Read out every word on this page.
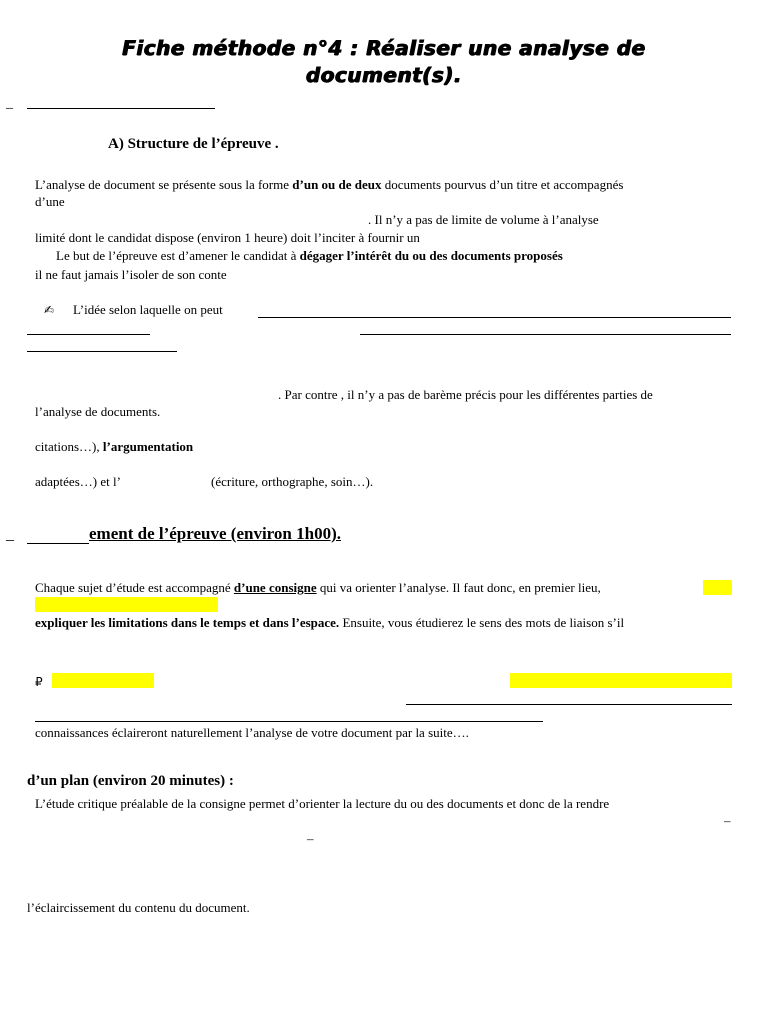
Fiche méthode n°4 : Réaliser une analyse de
document(s).
_
A) Structure de l’épreuve .
L’analyse de document se présente sous la forme d’un ou de deux documents pourvus d’un titre et accompagnés
d’une
. Il n’y a pas de limite de volume à l’analyse
limité dont le candidat dispose (environ 1 heure) doit l’inciter à fournir un
Le but de l’épreuve est d’amener le candidat à dégager l’intérêt du ou des documents proposés
il ne faut jamais l’isoler de son conte
✍ L’idée selon laquelle on peut
. Par contre , il n’y a pas de barème précis pour les différentes parties de
l’analyse de documents.
citations…), l’argumentation
adaptées…) et l’	(écriture, orthographe, soin…).
_	ement de l’épreuve (environ 1h00).
Chaque sujet d’étude est accompagné d’une consigne qui va orienter l’analyse. Il faut donc, en premier lieu,
expliquer les limitations dans le temps et dans l’espace. Ensuite, vous étudierez le sens des mots de liaison s’il
₽
connaissances éclaireront naturellement l’analyse de votre document par la suite….
d’un plan (environ 20 minutes) :
L’étude critique préalable de la consigne permet d’orienter la lecture du ou des documents et donc de la rendre
–
–
l’éclaircissement du contenu du document.
